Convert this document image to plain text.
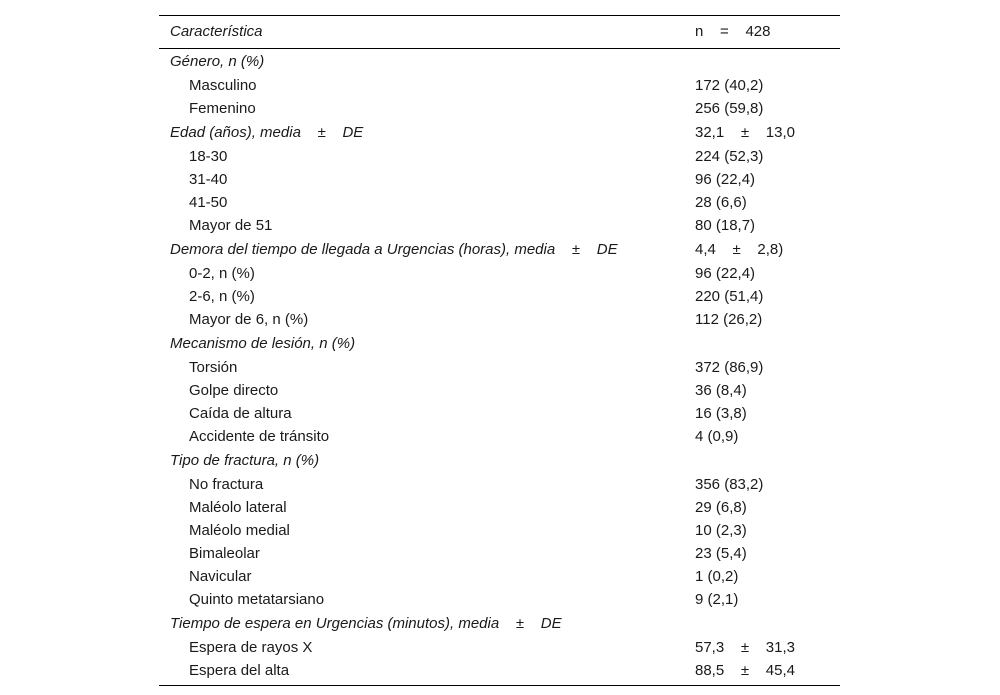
Característica	n    =    428
Género, n (%)
Masculino	172 (40,2)
Femenino	256 (59,8)
Edad (años), media    ±    DE	32,1    ±    13,0
18-30	224 (52,3)
31-40	96 (22,4)
41-50	28 (6,6)
Mayor de 51	80 (18,7)
Demora del tiempo de llegada a Urgencias (horas), media    ±    DE	4,4    ±    2,8)
0-2, n (%)	96 (22,4)
2-6, n (%)	220 (51,4)
Mayor de 6, n (%)	112 (26,2)
Mecanismo de lesión, n (%)
Torsión	372 (86,9)
Golpe directo	36 (8,4)
Caída de altura	16 (3,8)
Accidente de tránsito	4 (0,9)
Tipo de fractura, n (%)
No fractura	356 (83,2)
Maléolo lateral	29 (6,8)
Maléolo medial	10 (2,3)
Bimaleolar	23 (5,4)
Navicular	1 (0,2)
Quinto metatarsiano	9 (2,1)
Tiempo de espera en Urgencias (minutos), media    ±    DE
Espera de rayos X	57,3    ±    31,3
Espera del alta	88,5    ±    45,4
